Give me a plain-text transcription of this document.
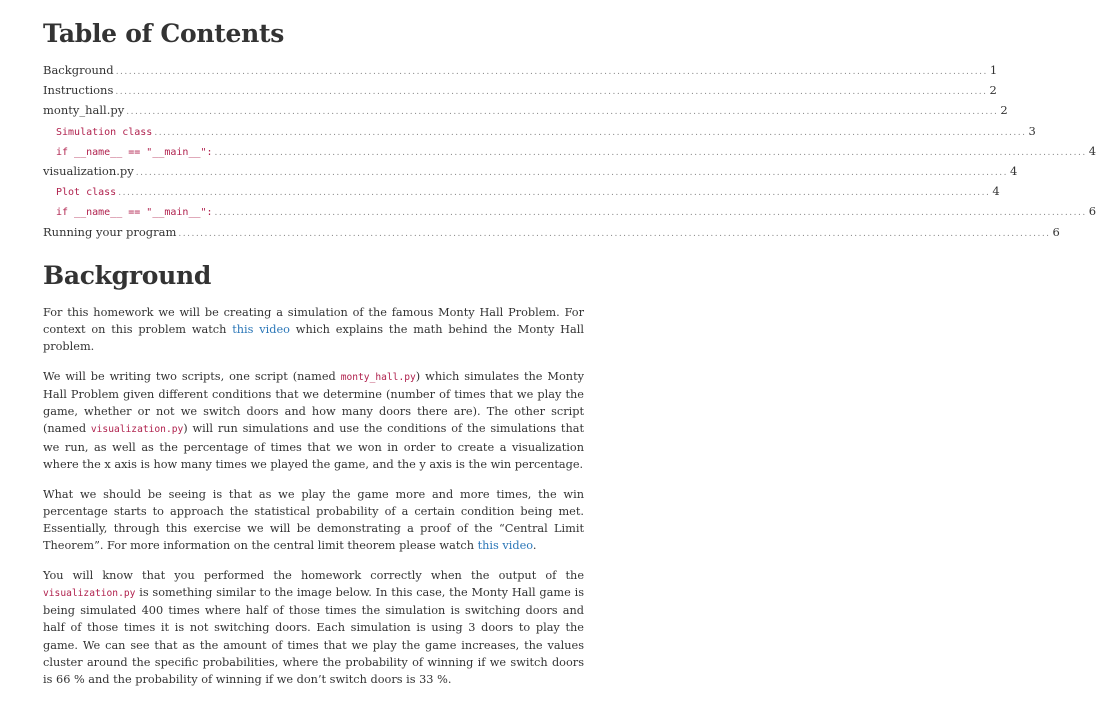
Table of Contents
Background ........................................................................................................................................................................................................ 1
Instructions ........................................................................................................................................................................................................ 2
monty_hall.py ........................................................................................................................................................................................................ 2
Simulation class ........................................................................................................................................................................................................ 3
if __name__ == "__main__": ........................................................................................................................................................................................................ 4
visualization.py ........................................................................................................................................................................................................ 4
Plot class ........................................................................................................................................................................................................ 4
if __name__ == "__main__": ........................................................................................................................................................................................................ 6
Running your program ........................................................................................................................................................................................................ 6
Background

For this homework we will be creating a simulation of the famous Monty Hall Problem. For context on this problem watch this video which explains the math behind the Monty Hall problem.

We will be writing two scripts, one script (named monty_hall.py) which simulates the Monty Hall Problem given different conditions that we determine (number of times that we play the game, whether or not we switch doors and how many doors there are). The other script (named visualization.py) will run simulations and use the conditions of the simulations that we run, as well as the percentage of times that we won in order to create a visualization where the x axis is how many times we played the game, and the y axis is the win percentage.

What we should be seeing is that as we play the game more and more times, the win percentage starts to approach the statistical probability of a certain condition being met. Essentially, through this exercise we will be demonstrating a proof of the “Central Limit Theorem”. For more information on the central limit theorem please watch this video.

You will know that you performed the homework correctly when the output of the visualization.py is something similar to the image below. In this case, the Monty Hall game is being simulated 400 times where half of those times the simulation is switching doors and half of those times it is not switching doors. Each simulation is using 3 doors to play the game. We can see that as the amount of times that we play the game increases, the values cluster around the specific probabilities, where the probability of winning if we switch doors is 66 % and the probability of winning if we don’t switch doors is 33 %.
